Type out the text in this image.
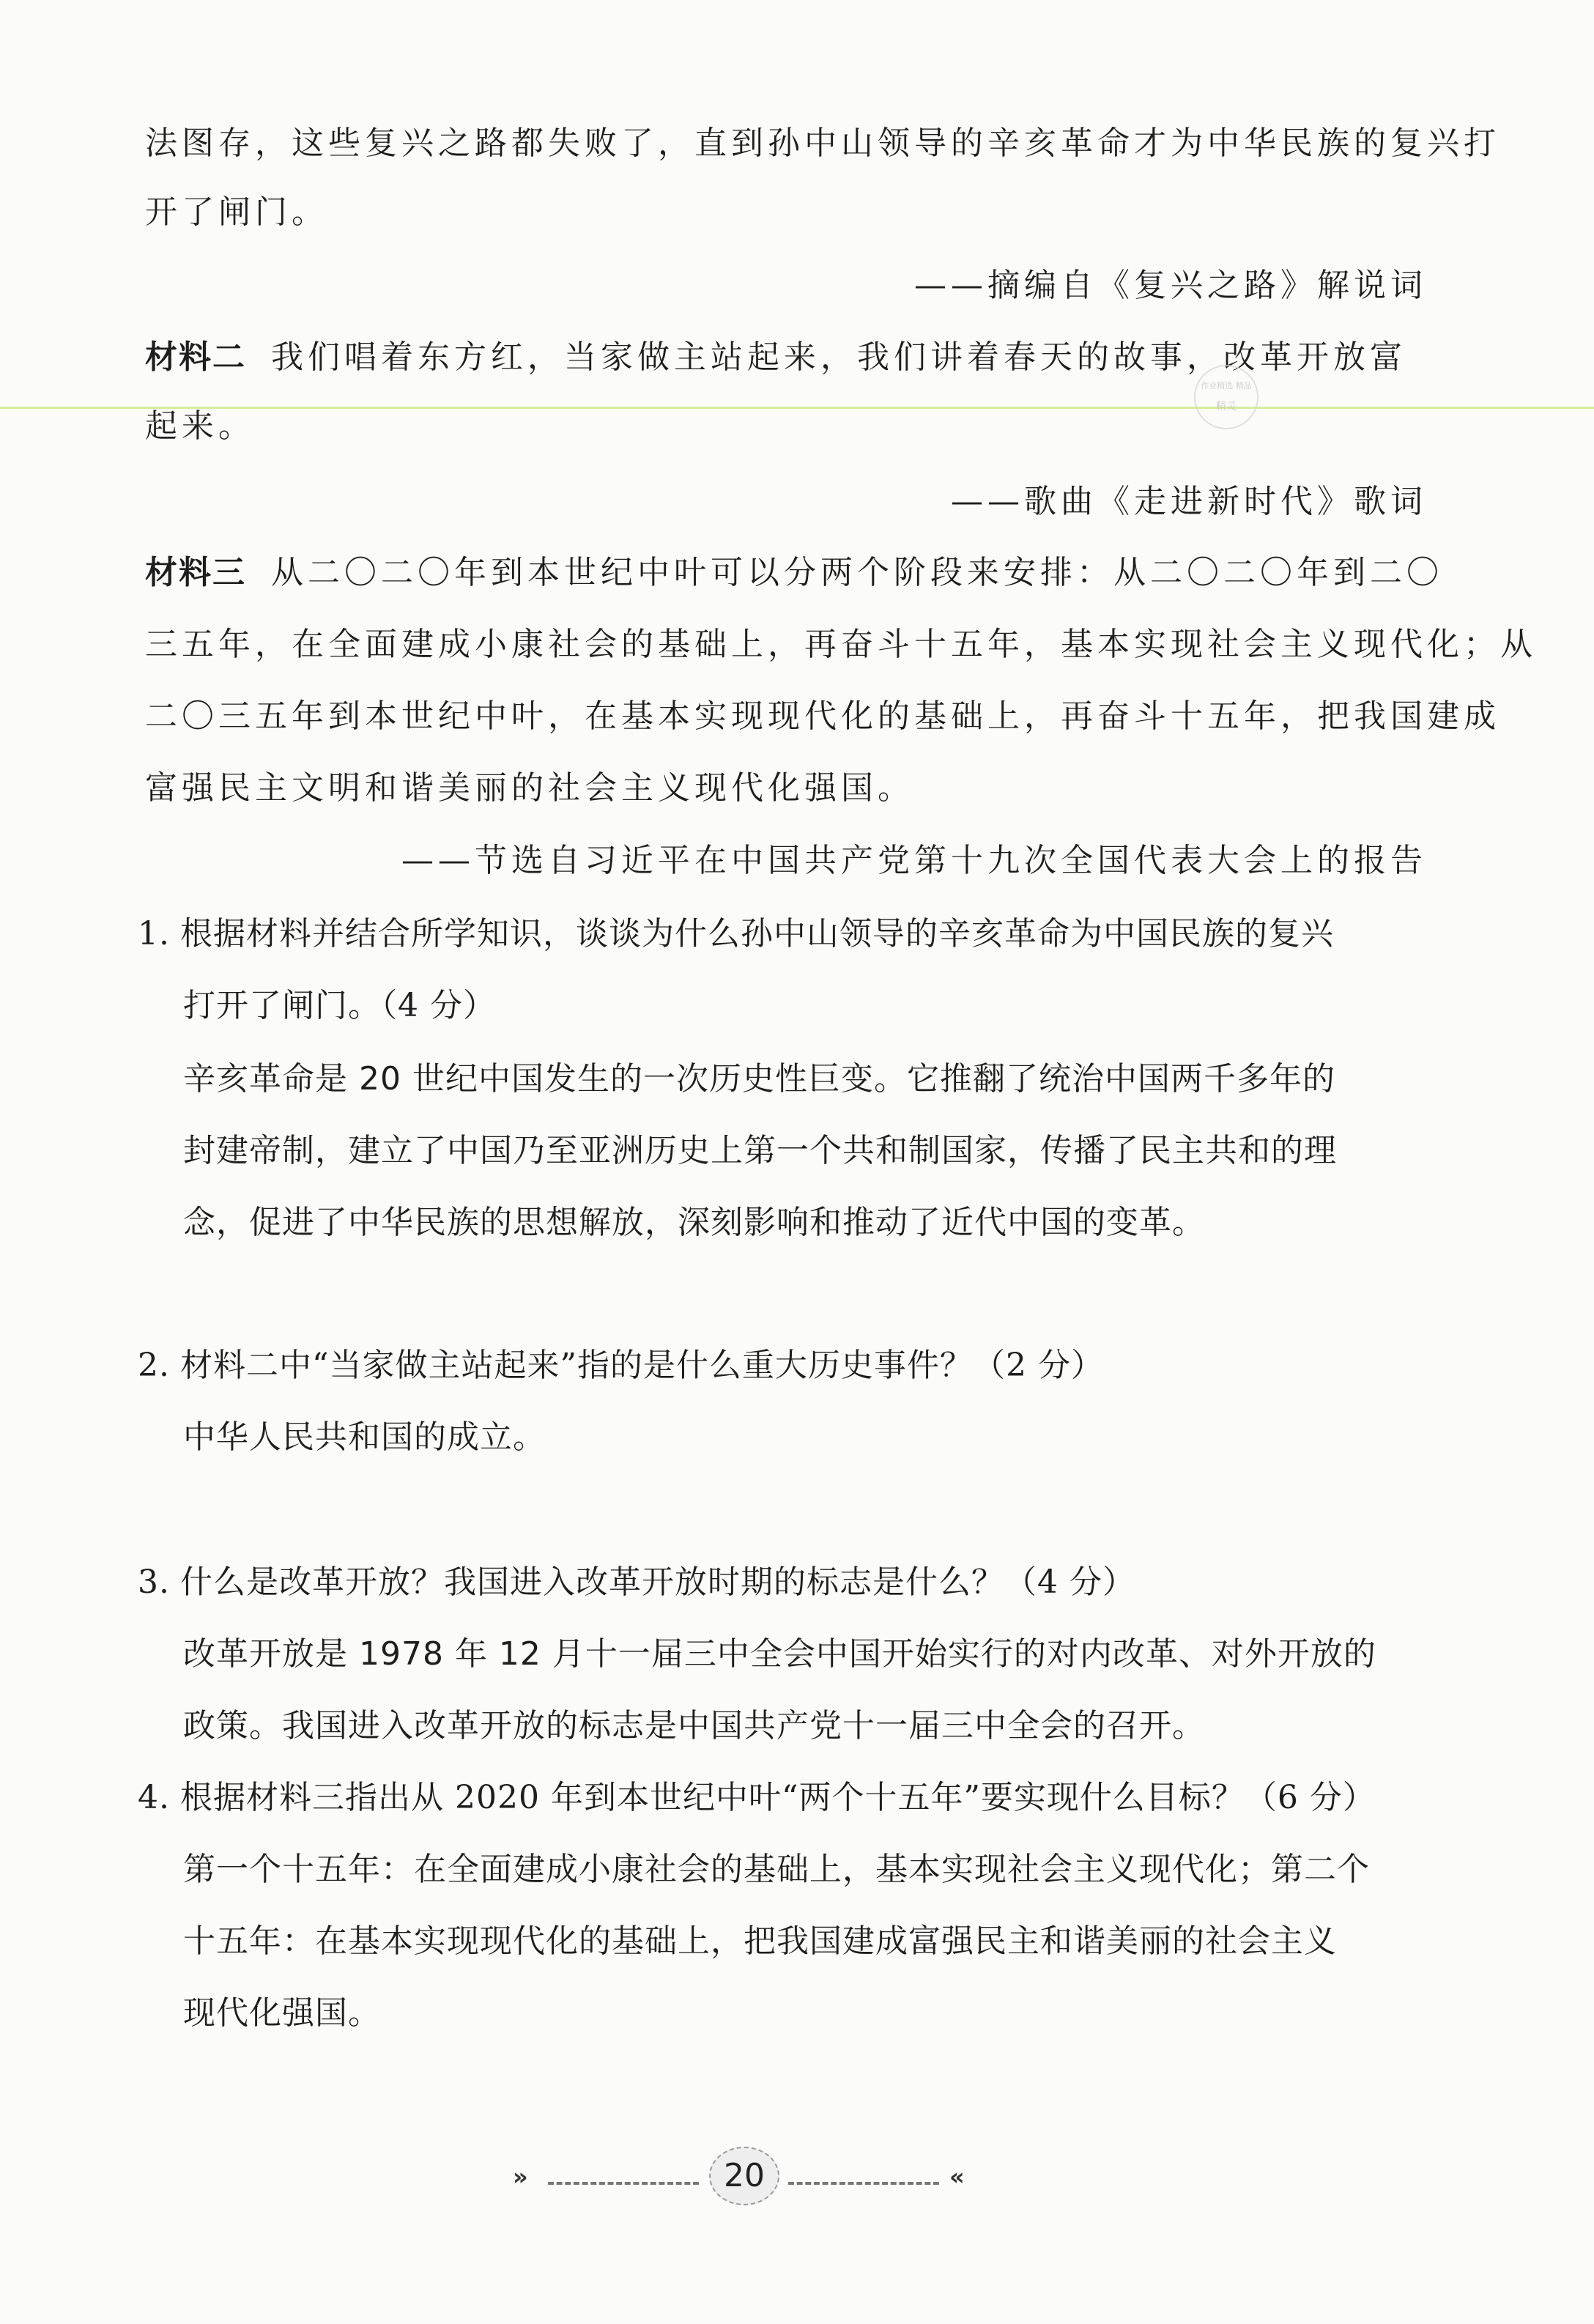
法图存，这些复兴之路都失败了，直到孙中山领导的辛亥革命才为中华民族的复兴打
开了闸门。
——摘编自《复兴之路》解说词
材料二 我们唱着东方红，当家做主站起来，我们讲着春天的故事，改革开放富
起来。
——歌曲《走进新时代》歌词
材料三 从二〇二〇年到本世纪中叶可以分两个阶段来安排：从二〇二〇年到二〇
三五年，在全面建成小康社会的基础上，再奋斗十五年，基本实现社会主义现代化；从
二〇三五年到本世纪中叶，在基本实现现代化的基础上，再奋斗十五年，把我国建成
富强民主文明和谐美丽的社会主义现代化强国。
——节选自习近平在中国共产党第十九次全国代表大会上的报告
1. 根据材料并结合所学知识，谈谈为什么孙中山领导的辛亥革命为中国民族的复兴
打开了闸门。（4 分）
辛亥革命是 20 世纪中国发生的一次历史性巨变。它推翻了统治中国两千多年的
封建帝制，建立了中国乃至亚洲历史上第一个共和制国家，传播了民主共和的理
念，促进了中华民族的思想解放，深刻影响和推动了近代中国的变革。
2. 材料二中“当家做主站起来”指的是什么重大历史事件？（2 分）
中华人民共和国的成立。
3. 什么是改革开放？我国进入改革开放时期的标志是什么？（4 分）
改革开放是 1978 年 12 月十一届三中全会中国开始实行的对内改革、对外开放的
政策。我国进入改革开放的标志是中国共产党十一届三中全会的召开。
4. 根据材料三指出从 2020 年到本世纪中叶“两个十五年”要实现什么目标？（6 分）
第一个十五年：在全面建成小康社会的基础上，基本实现社会主义现代化；第二个
十五年：在基本实现现代化的基础上，把我国建成富强民主和谐美丽的社会主义
现代化强国。
作业精选 精品
精灵
»	20	«
